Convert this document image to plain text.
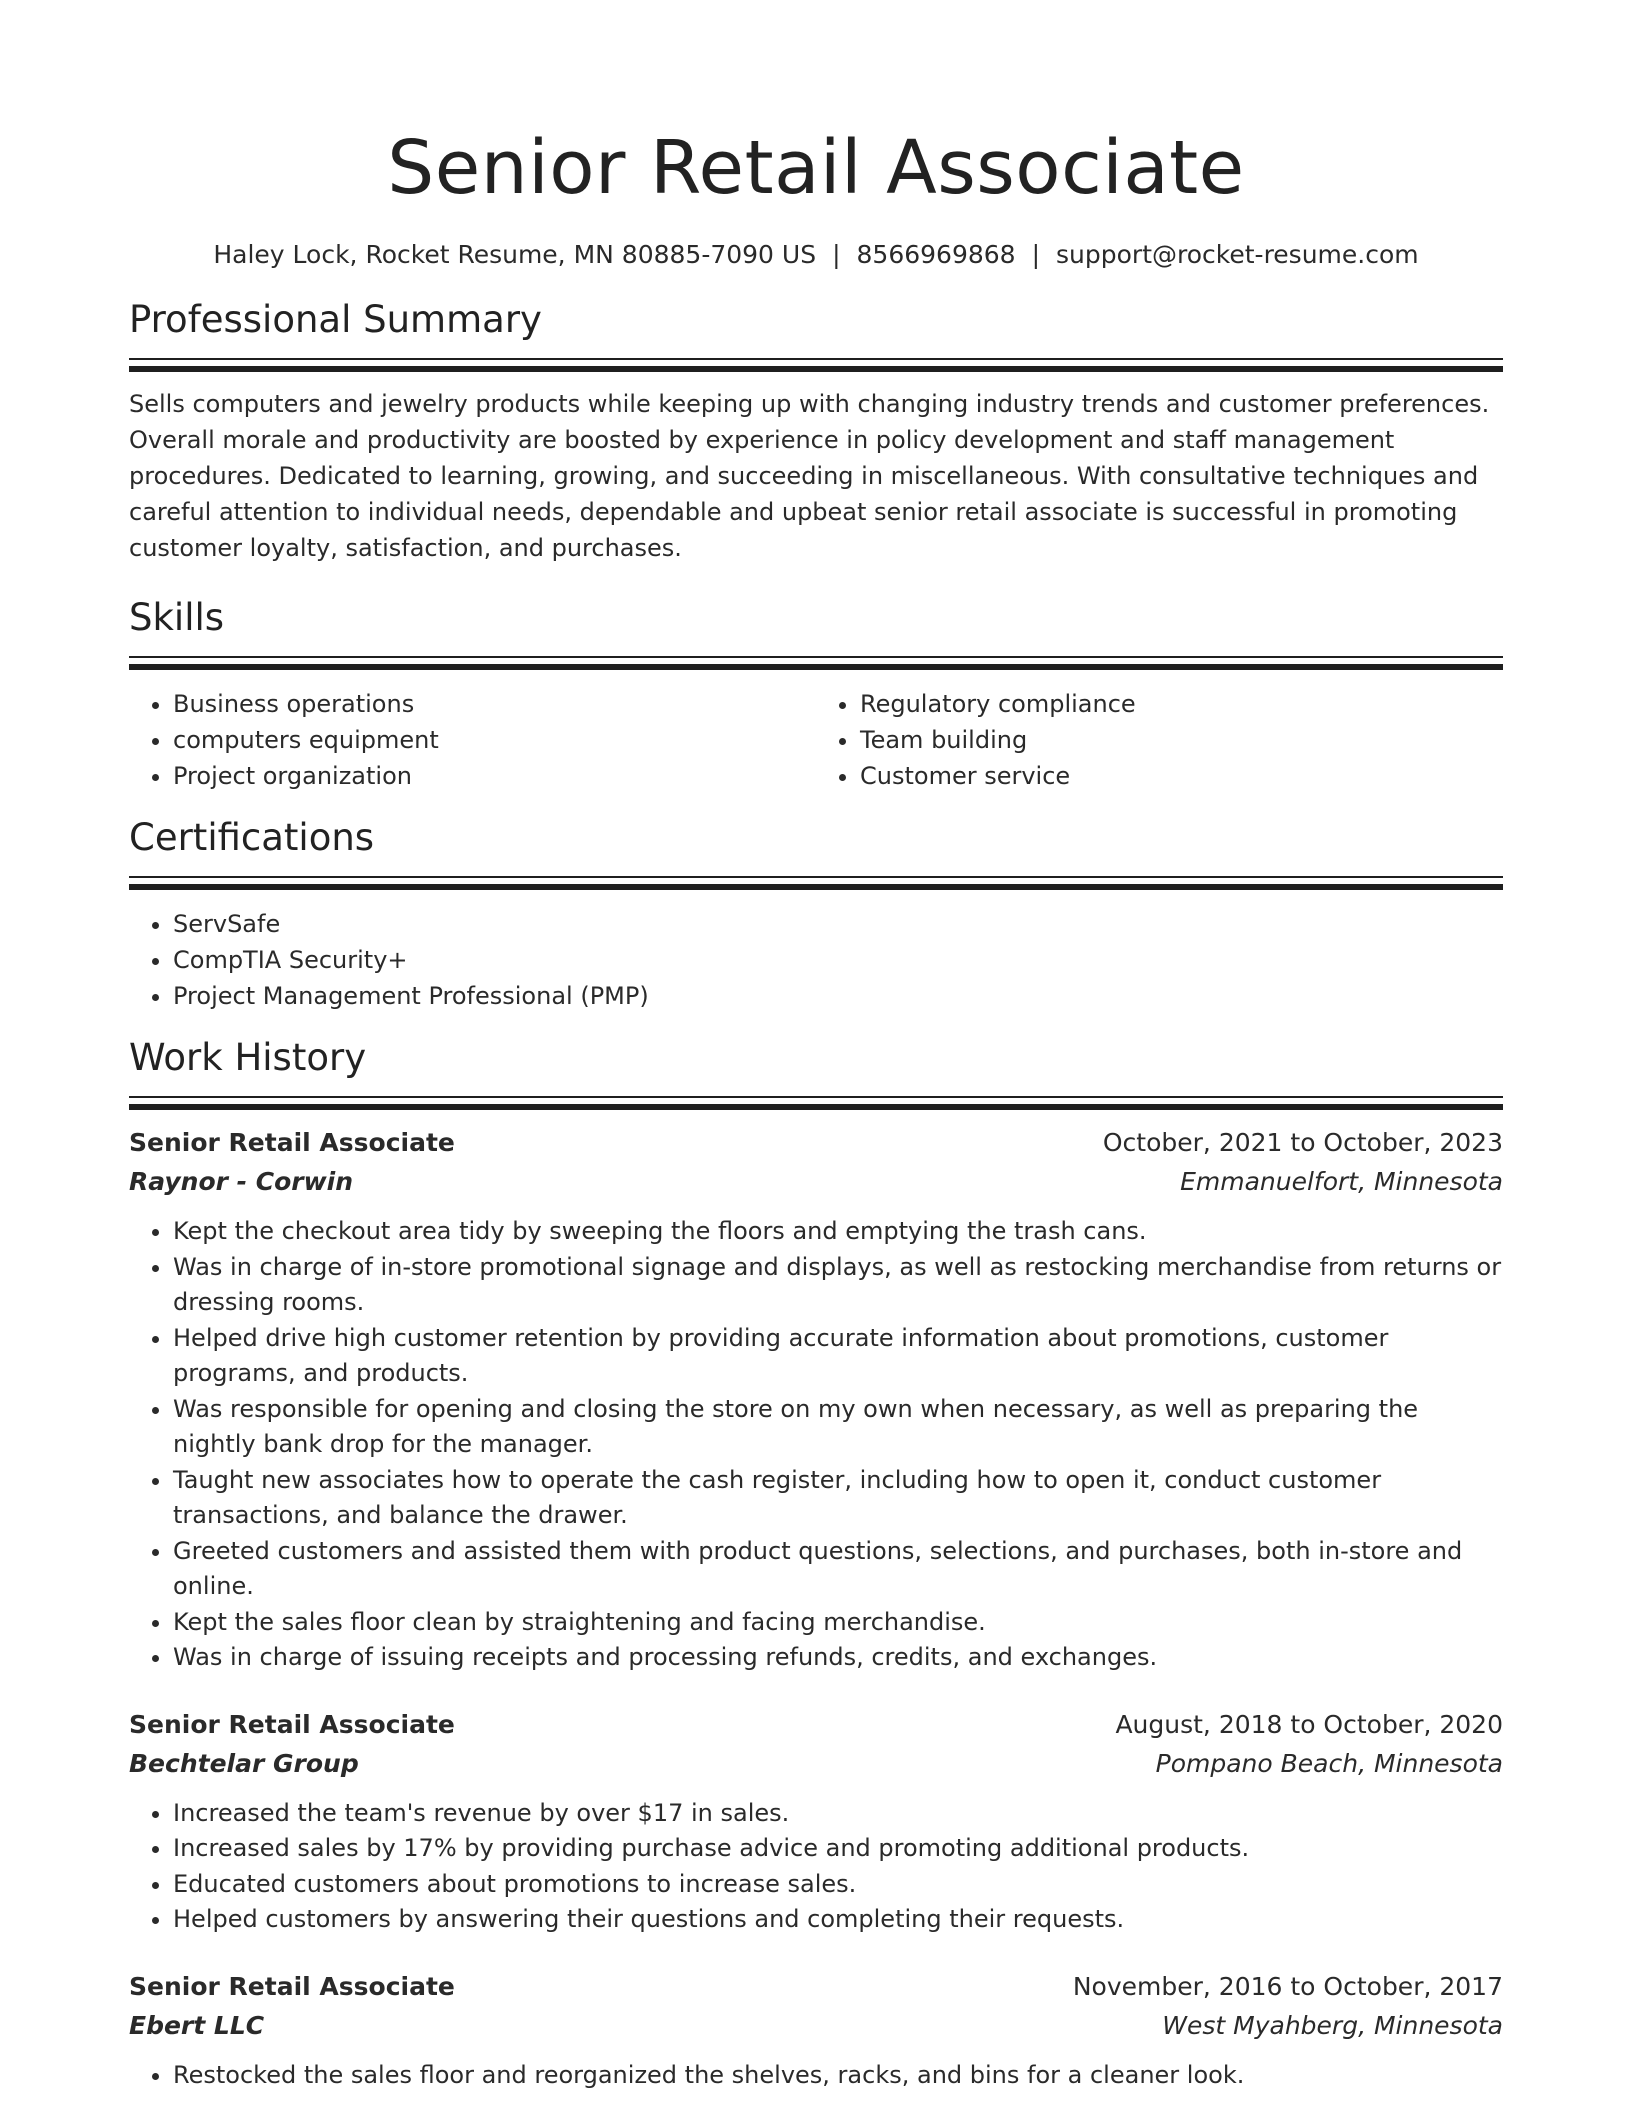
Senior Retail Associate
Haley Lock, Rocket Resume, MN 80885-7090 US | 8566969868 | support@rocket-resume.com
Professional Summary

Sells computers and jewelry products while keeping up with changing industry trends and customer preferences. Overall morale and productivity are boosted by experience in policy development and staff management procedures. Dedicated to learning, growing, and succeeding in miscellaneous. With consultative techniques and careful attention to individual needs, dependable and upbeat senior retail associate is successful in promoting customer loyalty, satisfaction, and purchases.

Skills
• Business operations
• computers equipment
• Project organization
• Regulatory compliance
• Team building
• Customer service
Certifications
• ServSafe
• CompTIA Security+
• Project Management Professional (PMP)
Work History
Senior Retail Associate	October, 2021 to October, 2023
Raynor - Corwin	Emmanuelfort, Minnesota
• Kept the checkout area tidy by sweeping the floors and emptying the trash cans.
• Was in charge of in-store promotional signage and displays, as well as restocking merchandise from returns or dressing rooms.
• Helped drive high customer retention by providing accurate information about promotions, customer programs, and products.
• Was responsible for opening and closing the store on my own when necessary, as well as preparing the nightly bank drop for the manager.
• Taught new associates how to operate the cash register, including how to open it, conduct customer transactions, and balance the drawer.
• Greeted customers and assisted them with product questions, selections, and purchases, both in-store and online.
• Kept the sales floor clean by straightening and facing merchandise.
• Was in charge of issuing receipts and processing refunds, credits, and exchanges.
Senior Retail Associate	August, 2018 to October, 2020
Bechtelar Group	Pompano Beach, Minnesota
• Increased the team's revenue by over $17 in sales.
• Increased sales by 17% by providing purchase advice and promoting additional products.
• Educated customers about promotions to increase sales.
• Helped customers by answering their questions and completing their requests.
Senior Retail Associate	November, 2016 to October, 2017
Ebert LLC	West Myahberg, Minnesota
• Restocked the sales floor and reorganized the shelves, racks, and bins for a cleaner look.
